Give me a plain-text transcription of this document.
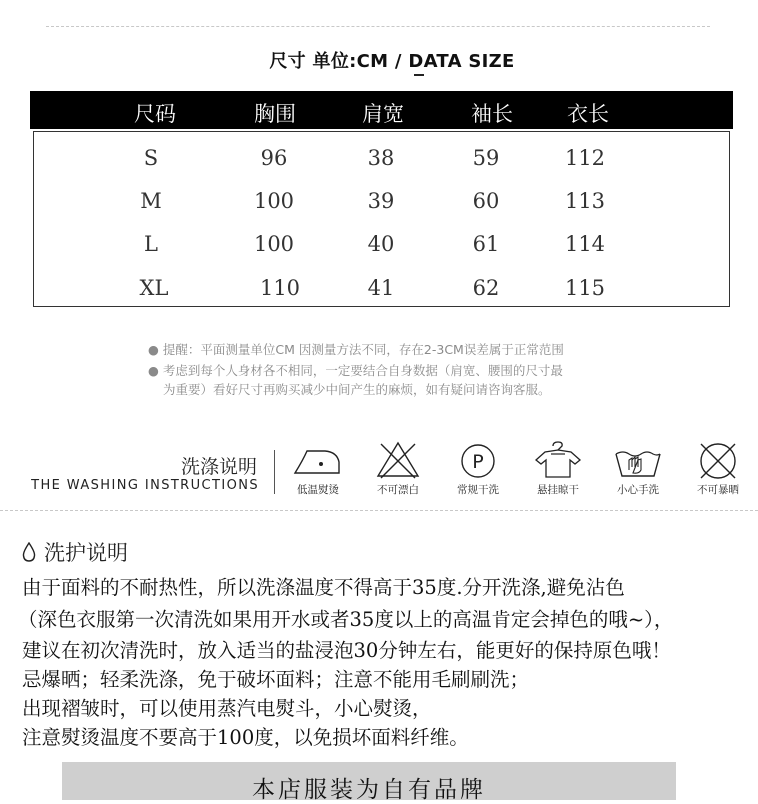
尺寸 单位:CM / DATA SIZE
尺码	胸围	肩宽	袖长	衣长
S	96	38	59	112
M	100	39	60	113
L	100	40	61	114
XL	110	41	62	115
● 提醒：平面测量单位CM 因测量方法不同，存在2-3CM误差属于正常范围
● 考虑到每个人身材各不相同，一定要结合自身数据（肩宽、腰围的尺寸最
为重要）看好尺寸再购买减少中间产生的麻烦，如有疑问请咨询客服。
洗涤说明
THE WASHING INSTRUCTIONS	低温熨烫	不可漂白
P
常规干洗	悬挂晾干	小心手洗	不可暴晒
洗护说明
由于面料的不耐热性，所以洗涤温度不得高于35度.分开洗涤,避免沾色
（深色衣服第一次清洗如果用开水或者35度以上的高温肯定会掉色的哦~），
建议在初次清洗时，放入适当的盐浸泡30分钟左右，能更好的保持原色哦！
忌爆晒；轻柔洗涤，免于破坏面料；注意不能用毛刷刷洗；
出现褶皱时，可以使用蒸汽电熨斗，小心熨烫，
注意熨烫温度不要高于100度，以免损坏面料纤维。
本店服装为自有品牌
